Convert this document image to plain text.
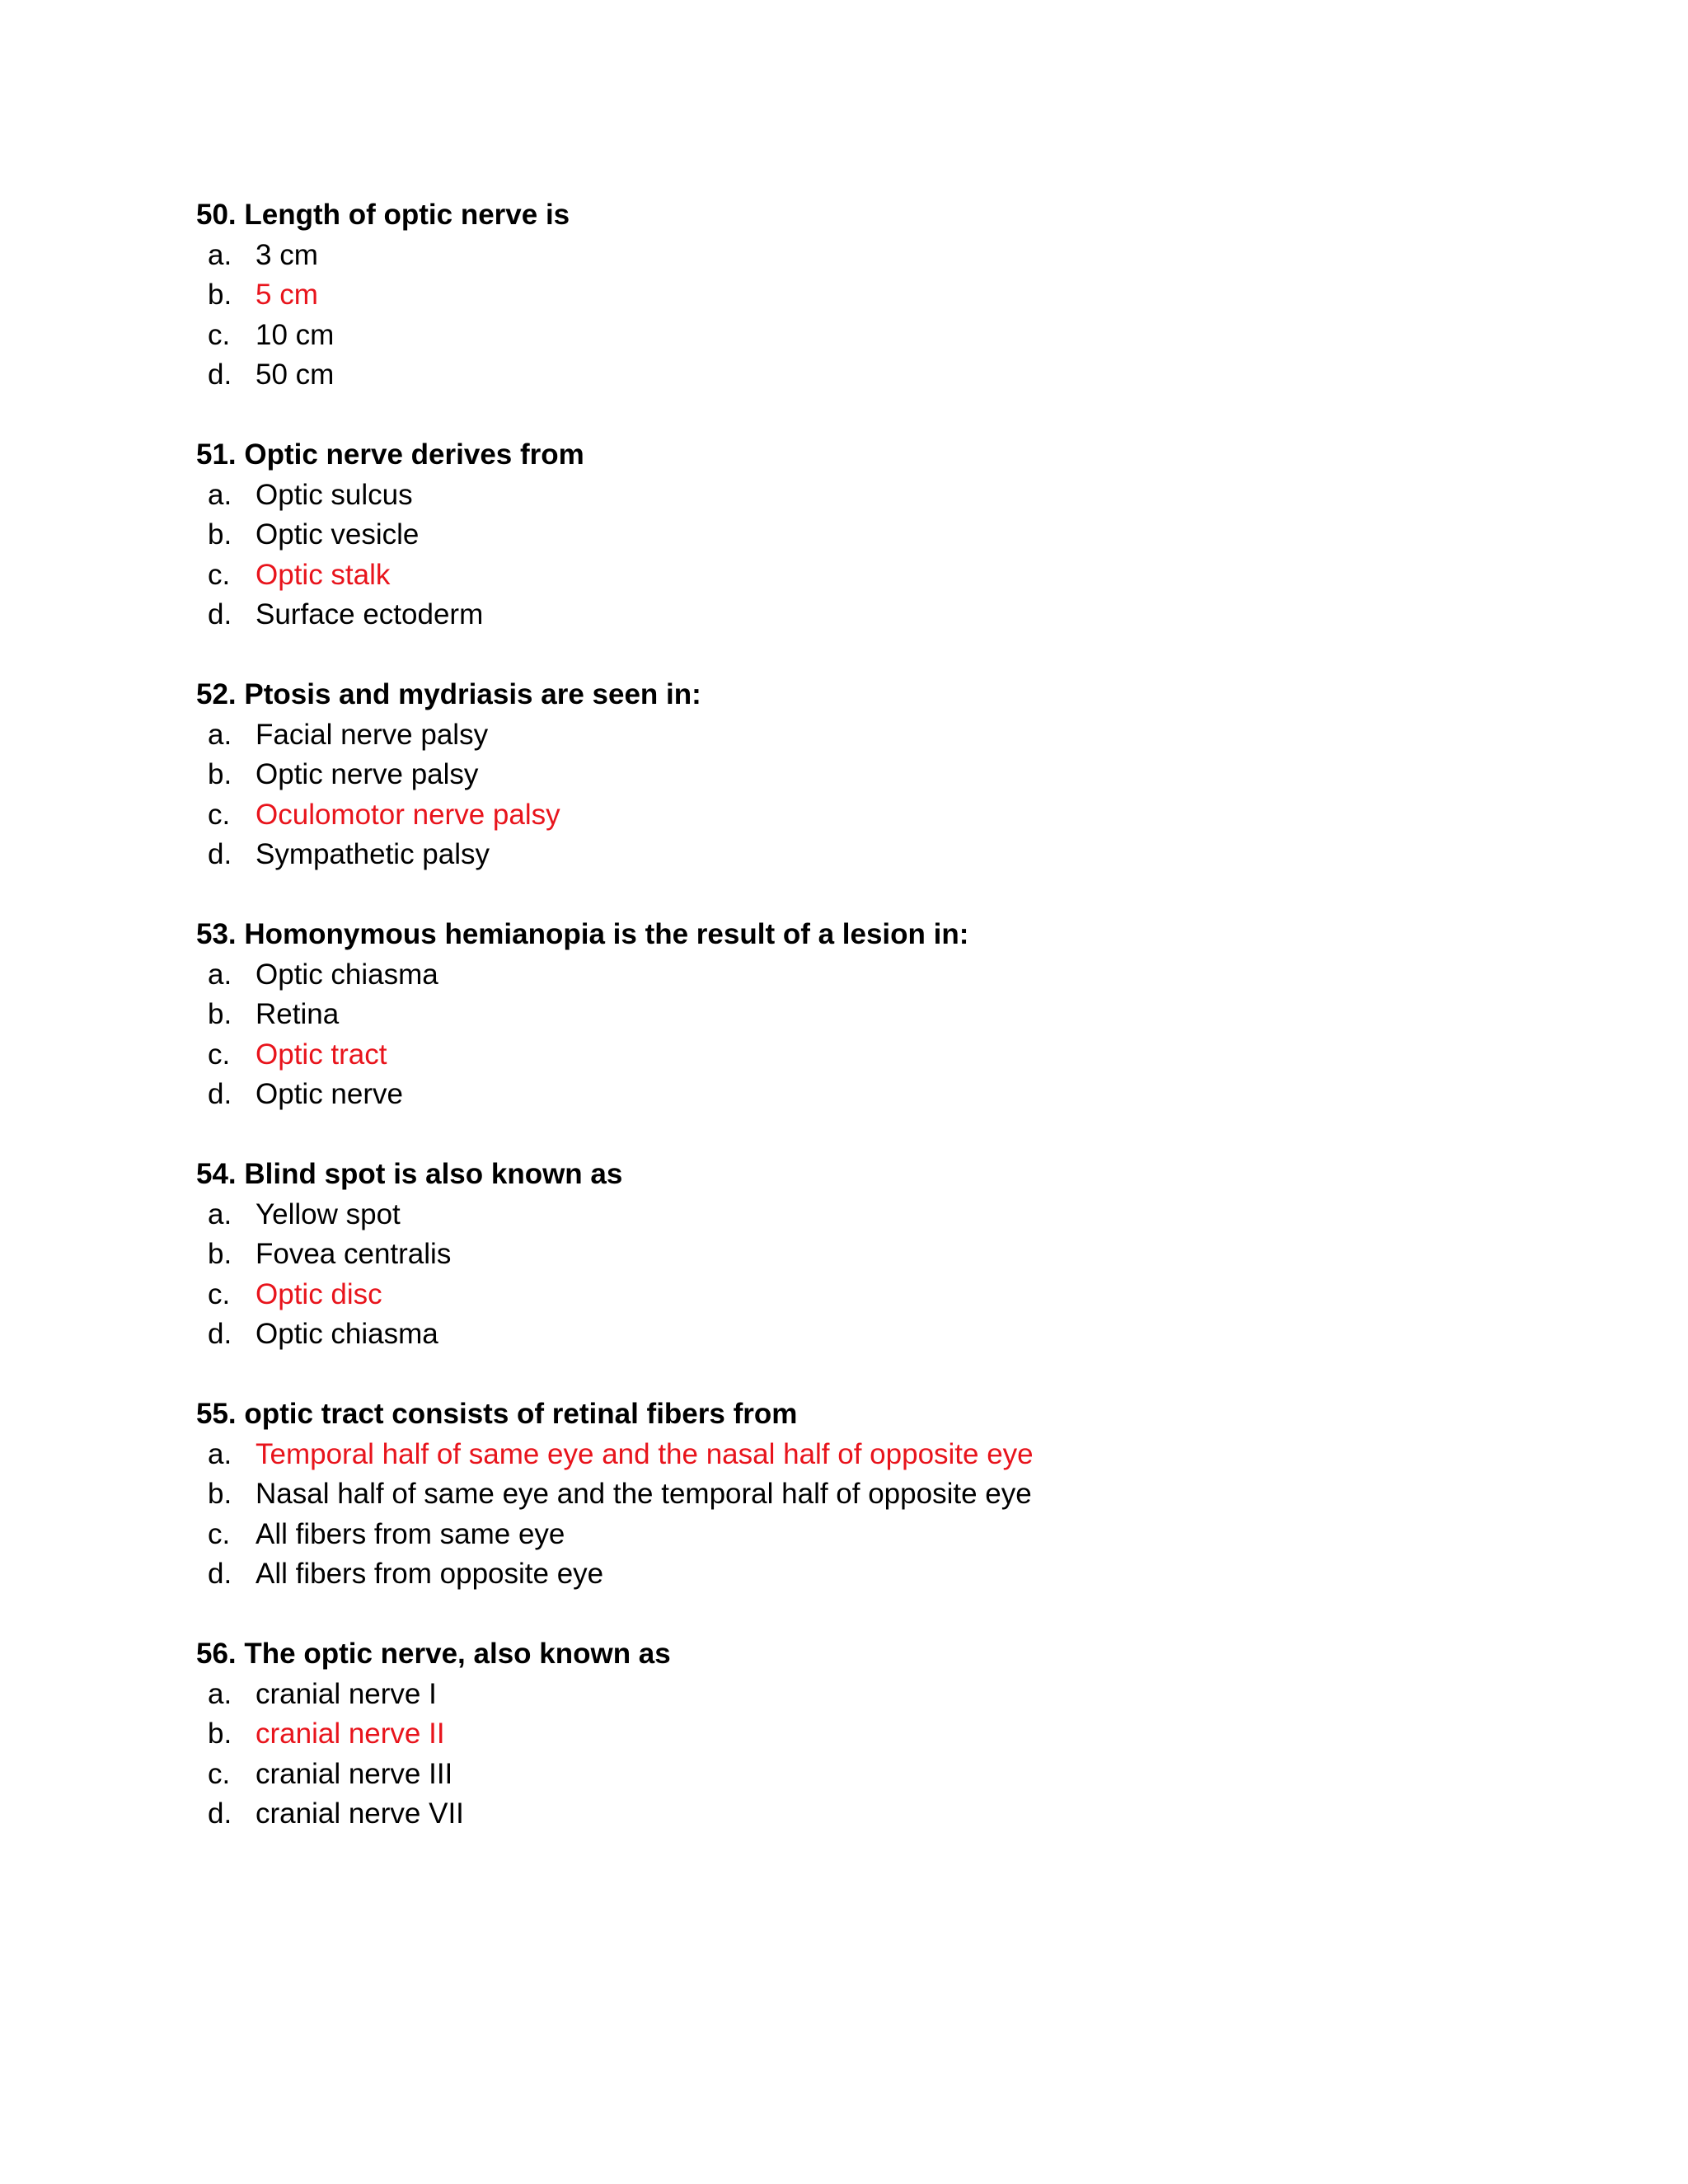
50. Length of optic nerve is
a. 3 cm
b. 5 cm
c. 10 cm
d. 50 cm
51. Optic nerve derives from
a. Optic sulcus
b. Optic vesicle
c. Optic stalk
d. Surface ectoderm
52. Ptosis and mydriasis are seen in:
a. Facial nerve palsy
b. Optic nerve palsy
c. Oculomotor nerve palsy
d. Sympathetic palsy
53. Homonymous hemianopia is the result of a lesion in:
a. Optic chiasma
b. Retina
c. Optic tract
d. Optic nerve
54. Blind spot is also known as
a. Yellow spot
b. Fovea centralis
c. Optic disc
d. Optic chiasma
55. optic tract consists of retinal fibers from
a. Temporal half of same eye and the nasal half of opposite eye
b. Nasal half of same eye and the temporal half of opposite eye
c. All fibers from same eye
d. All fibers from opposite eye
56. The optic nerve, also known as
a. cranial nerve I
b. cranial nerve II
c. cranial nerve III
d. cranial nerve VII
